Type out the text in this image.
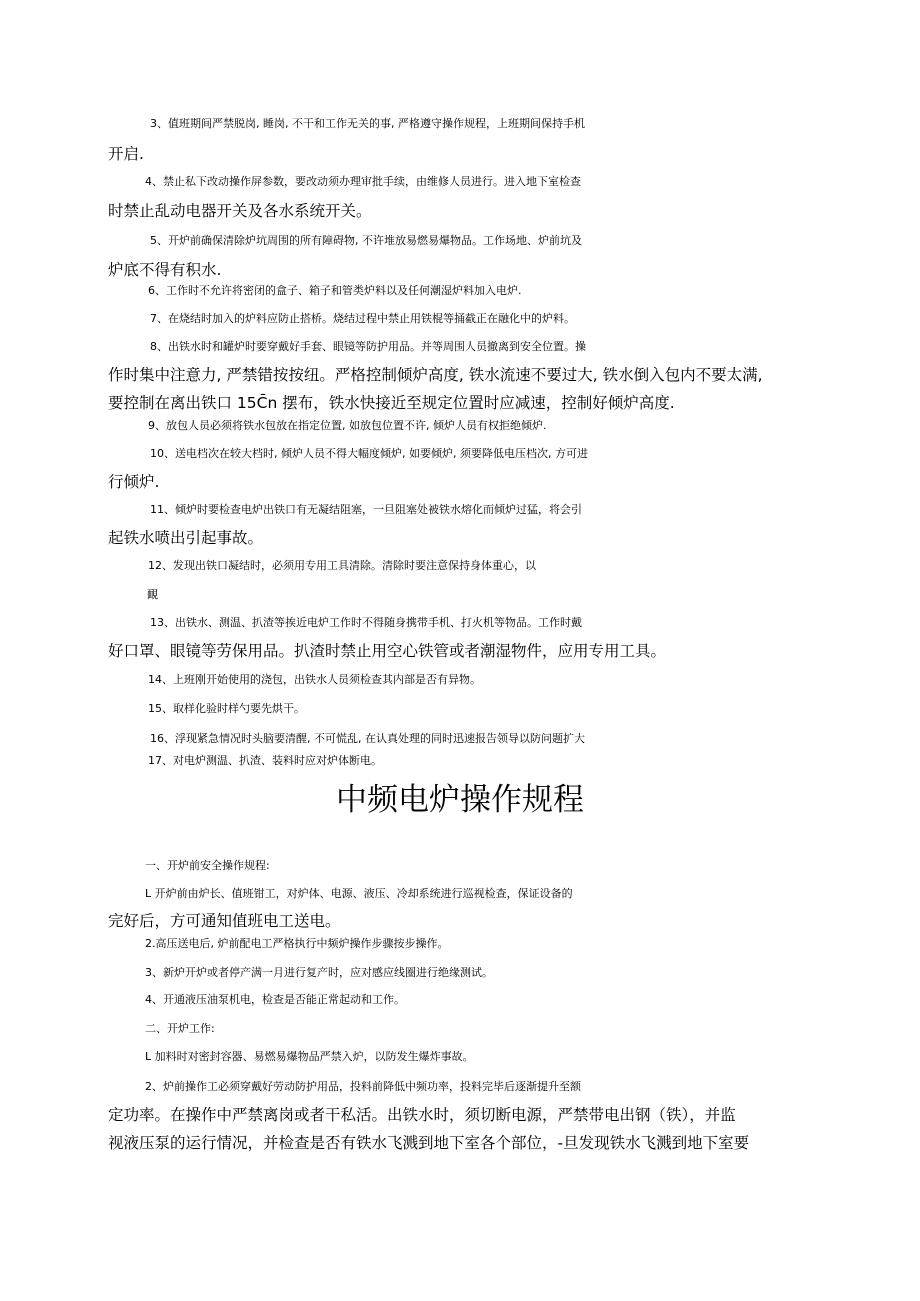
3、值班期间严禁脱岗, 睡岗, 不干和工作无关的事, 严格遵守操作规程，上班期间保持手机
开启.
4、禁止私下改动操作屏参数，要改动须办理审批手续，由维修人员进行。进入地下室检查
时禁止乱动电器开关及各水系统开关。
5、开炉前确保清除炉坑周围的所有障碍物, 不许堆放易燃易爆物品。工作场地、炉前坑及
炉底不得有积水.
6、工作时不允许将密闭的盒子、箱子和管类炉料以及任何潮湿炉料加入电炉.
7、在烧结时加入的炉料应防止搭桥。烧结过程中禁止用铁棍等捅截正在融化中的炉料。
8、出铁水时和罐炉时要穿戴好手套、眼镜等防护用品。并等周围人员撤离到安全位置。操
作时集中注意力, 严禁错按按纽。严格控制倾炉高度, 铁水流速不要过大, 铁水倒入包内不要太满,
要控制在离出铁口 15C̄n 摆布，铁水快接近至规定位置时应减速，控制好倾炉高度.
9、放包人员必须将铁水包放在指定位置, 如放包位置不许, 倾炉人员有权拒绝倾炉.
10、送电档次在较大档时, 倾炉人员不得大幅度倾炉, 如要倾炉, 须要降低电压档次, 方可进
行倾炉.
11、倾炉时要检查电炉出铁口有无凝结阻塞，一旦阻塞处被铁水熔化而倾炉过猛，将会引
起铁水喷出引起事故。
12、发现出铁口凝结时，必须用专用工具清除。清除时要注意保持身体重心，以
靦
13、出铁水、测温、扒渣等挨近电炉工作时不得随身携带手机、打火机等物品。工作时戴
好口罩、眼镜等劳保用品。扒渣时禁止用空心铁管或者潮湿物件，应用专用工具。
14、上班刚开始使用的浇包，出铁水人员须检查其内部是否有异物。
15、取样化验时样勺要先烘干。
16、浮现紧急情况时头脑要清醒, 不可慌乱, 在认真处理的同时迅速报告领导以防问题扩大
17、对电炉测温、扒渣、装料时应对炉体断电。
中频电炉操作规程
一、开炉前安全操作规程:
L 开炉前由炉长、值班钳工，对炉体、电源、液压、冷却系统进行巡视检查，保证设备的
完好后，方可通知值班电工送电。
2.高压送电后, 炉前配电工严格执行中频炉操作步骤按步操作。
3、新炉开炉或者停产满一月进行复产时，应对感应线圈进行绝缘测试。
4、开通液压油泵机电，检查是否能正常起动和工作。
二、开炉工作:
L 加料时对密封容器、易燃易爆物品严禁入炉，以防发生爆炸事故。
2、炉前操作工必须穿戴好劳动防护用品，投料前降低中频功率，投料完毕后逐渐提升至额
定功率。在操作中严禁离岗或者干私活。出铁水时，须切断电源，严禁带电出钢（铁），并监
视液压泵的运行情况，并检查是否有铁水飞溅到地下室各个部位，-旦发现铁水飞溅到地下室要
